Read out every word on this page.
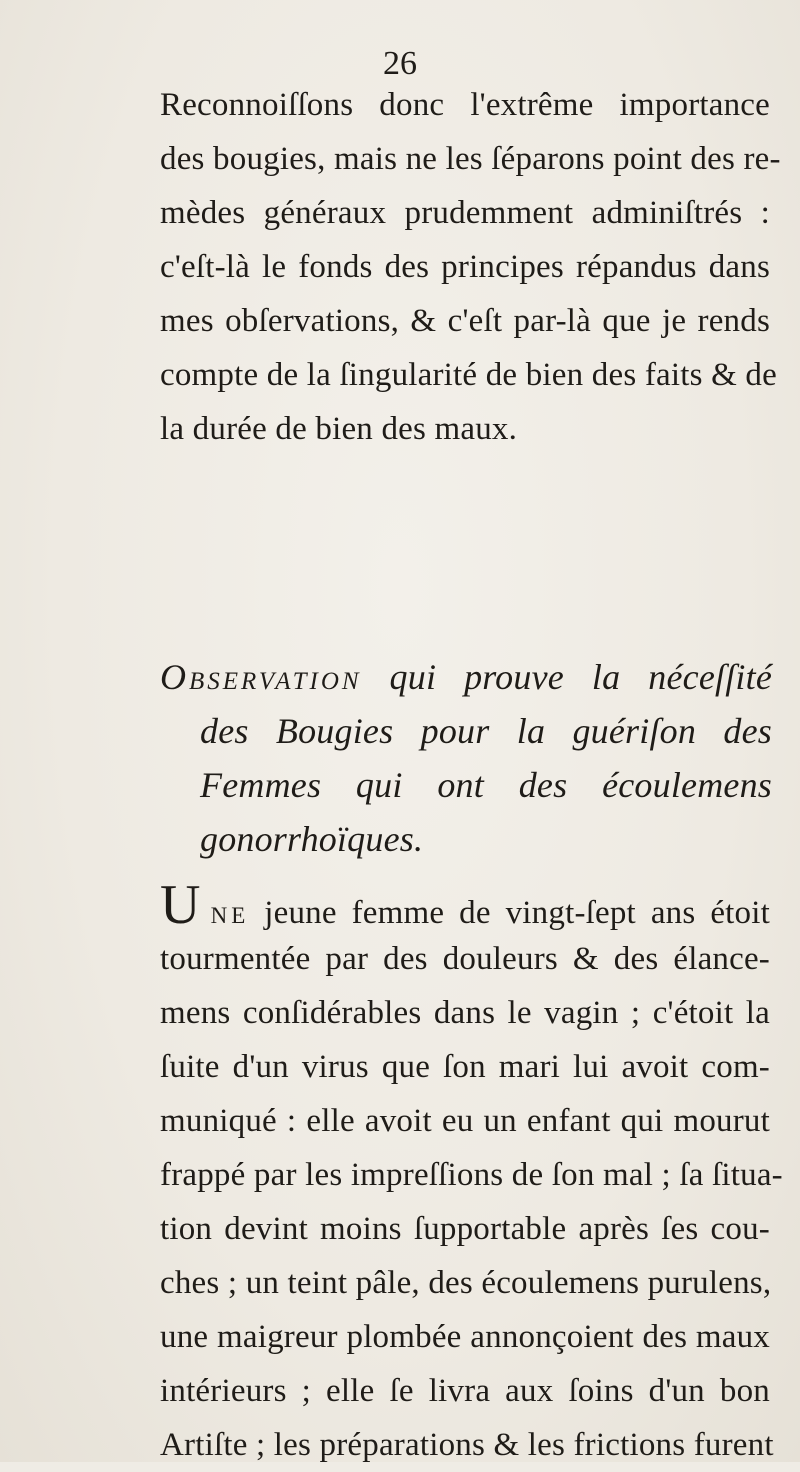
26
Reconnoiſſons donc l'extrême importance
des bougies, mais ne les ſéparons point des re-
mèdes généraux prudemment adminiſtrés :
c'eſt-là le fonds des principes répandus dans
mes obſervations, & c'eſt par-là que je rends
compte de la ſingularité de bien des faits & de
la durée de bien des maux.
Observation qui prouve la néceſſité
des Bougies pour la guériſon des
Femmes qui ont des écoulemens
gonorrhoïques.
Une jeune femme de vingt-ſept ans étoit
tourmentée par des douleurs & des élance-
mens conſidérables dans le vagin ; c'étoit la
ſuite d'un virus que ſon mari lui avoit com-
muniqué : elle avoit eu un enfant qui mourut
frappé par les impreſſions de ſon mal ; ſa ſitua-
tion devint moins ſupportable après ſes cou-
ches ; un teint pâle, des écoulemens purulens,
une maigreur plombée annonçoient des maux
intérieurs ; elle ſe livra aux ſoins d'un bon
Artiſte ; les préparations & les frictions furent
